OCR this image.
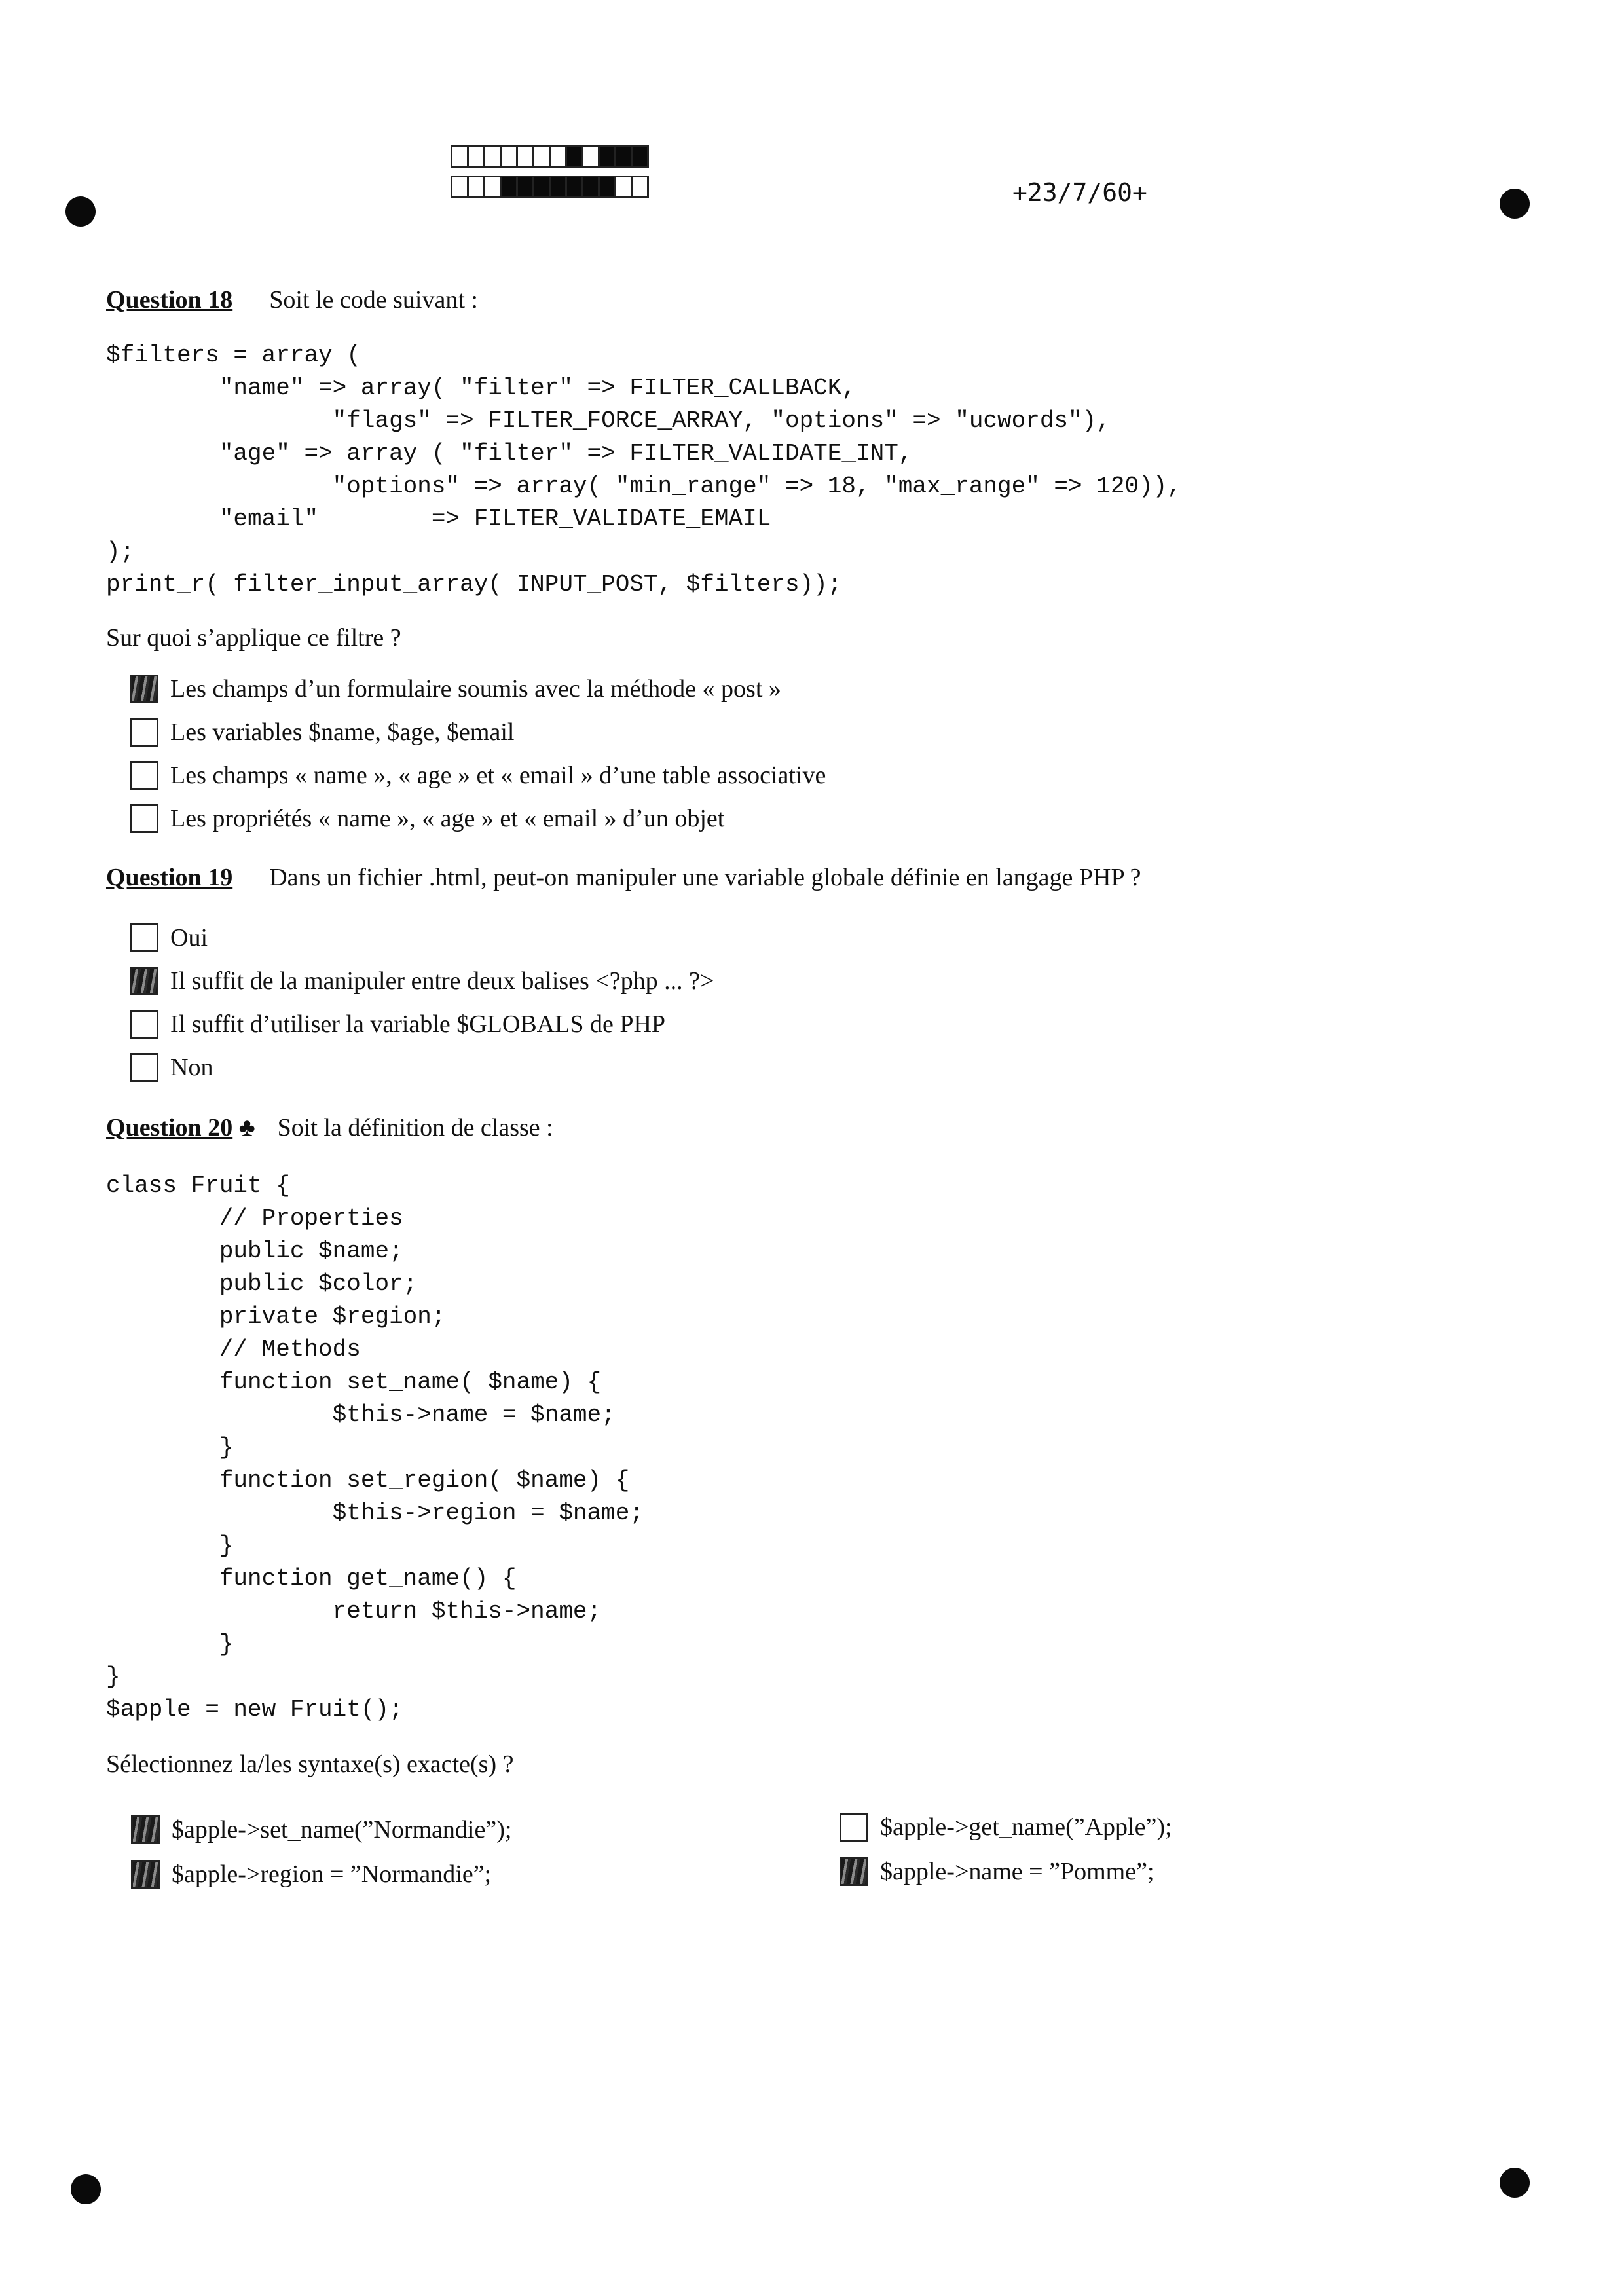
+23/7/60+
Question 18 Soit le code suivant :
$filters = array (
"name" => array( "filter" => FILTER_CALLBACK,
"flags" => FILTER_FORCE_ARRAY, "options" => "ucwords"),
"age" => array ( "filter" => FILTER_VALIDATE_INT,
"options" => array( "min_range" => 18, "max_range" => 120)),
"email"        => FILTER_VALIDATE_EMAIL
);
print_r( filter_input_array( INPUT_POST, $filters));
Sur quoi s’applique ce filtre ?
Les champs d’un formulaire soumis avec la méthode « post »
Les variables $name, $age, $email
Les champs « name », « age » et « email » d’une table associative
Les propriétés « name », « age » et « email » d’un objet
Question 19 Dans un fichier .html, peut-on manipuler une variable globale définie en langage PHP ?
Oui
Il suffit de la manipuler entre deux balises <?php ... ?>
Il suffit d’utiliser la variable $GLOBALS de PHP
Non
Question 20 ♣ Soit la définition de classe :
class Fruit {
// Properties
public $name;
public $color;
private $region;
// Methods
function set_name( $name) {
$this->name = $name;
}
function set_region( $name) {
$this->region = $name;
}
function get_name() {
return $this->name;
}
}
$apple = new Fruit();
Sélectionnez la/les syntaxe(s) exacte(s) ?
$apple->set_name(”Normandie”);
$apple->region = ”Normandie”;
$apple->get_name(”Apple”);
$apple->name = ”Pomme”;
